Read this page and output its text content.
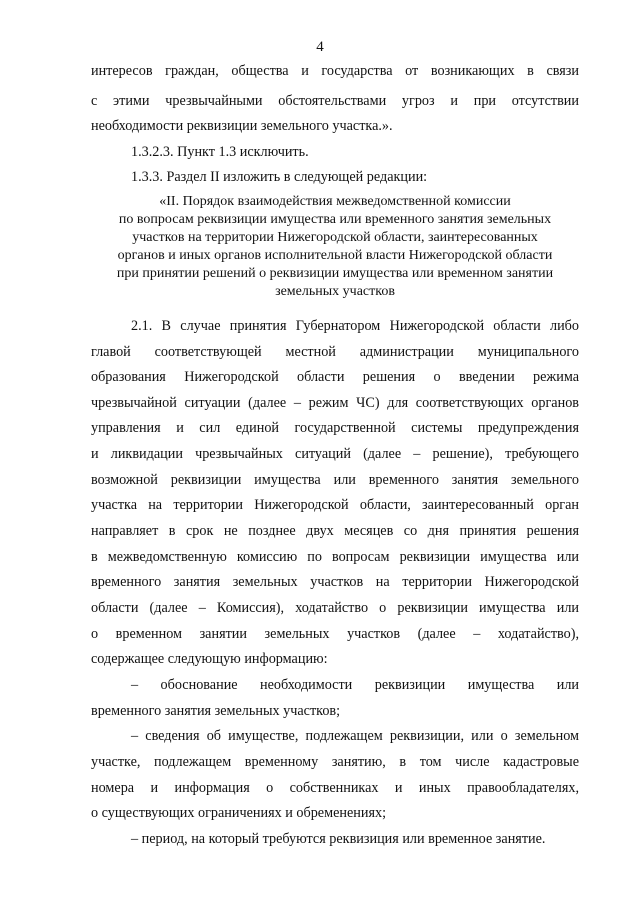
4

интересов граждан, общества и государства от возникающих в связи

с этими чрезвычайными обстоятельствами угроз и при отсутствии

необходимости реквизиции земельного участка.».

1.3.2.3. Пункт 1.3 исключить.

1.3.3. Раздел II изложить в следующей редакции:

«II. Порядок взаимодействия межведомственной комиссии

по вопросам реквизиции имущества или временного занятия земельных

участков на территории Нижегородской области, заинтересованных

органов и иных органов исполнительной власти Нижегородской области

при принятии решений о реквизиции имущества или временном занятии

земельных участков

2.1. В случае принятия Губернатором Нижегородской области либо

главой соответствующей местной администрации муниципального

образования Нижегородской области решения о введении режима

чрезвычайной ситуации (далее – режим ЧС) для соответствующих органов

управления и сил единой государственной системы предупреждения

и ликвидации чрезвычайных ситуаций (далее – решение), требующего

возможной реквизиции имущества или временного занятия земельного

участка на территории Нижегородской области, заинтересованный орган

направляет в срок не позднее двух месяцев со дня принятия решения

в межведомственную комиссию по вопросам реквизиции имущества или

временного занятия земельных участков на территории Нижегородской

области (далее – Комиссия), ходатайство о реквизиции имущества или

о временном занятии земельных участков (далее – ходатайство),

содержащее следующую информацию:

– обоснование необходимости реквизиции имущества или

временного занятия земельных участков;

– сведения об имуществе, подлежащем реквизиции, или о земельном

участке, подлежащем временному занятию, в том числе кадастровые

номера и информация о собственниках и иных правообладателях,

о существующих ограничениях и обременениях;

– период, на который требуются реквизиция или временное занятие.
